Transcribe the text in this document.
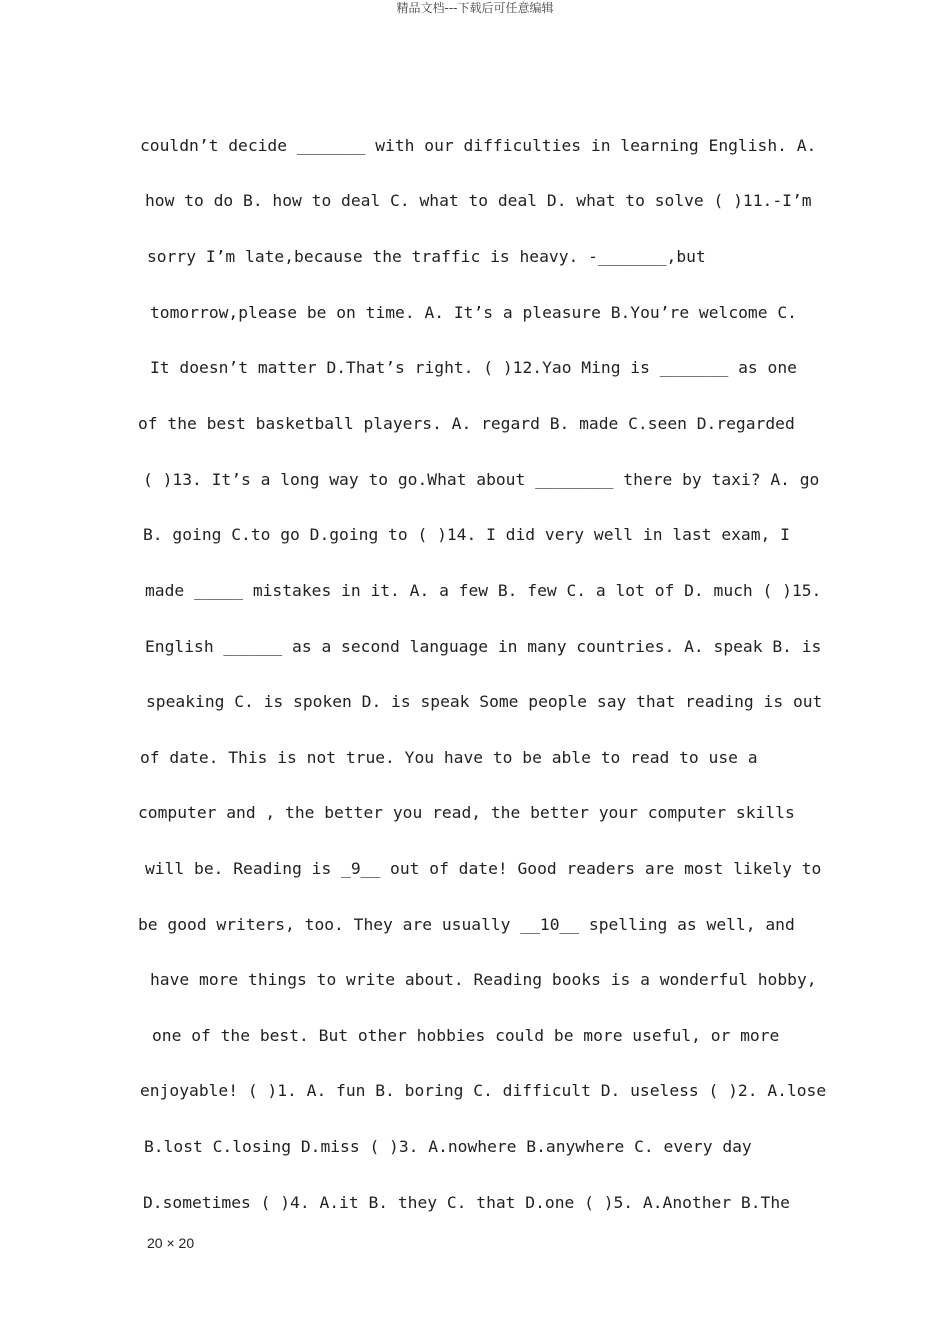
精品文档---下载后可任意编辑
couldn’t decide _______ with our difficulties in learning English. A.
how to do B. how to deal C. what to deal D. what to solve ( )11.-I’m
sorry I’m late,because the traffic is heavy. -_______,but
tomorrow,please be on time. A. It’s a pleasure B.You’re welcome C.
It doesn’t matter D.That’s right. ( )12.Yao Ming is _______ as one
of the best basketball players. A. regard B. made C.seen D.regarded
( )13. It’s a long way to go.What about ________ there by taxi? A. go
B. going C.to go D.going to ( )14. I did very well in last exam, I
made _____ mistakes in it. A. a few B. few C. a lot of D. much ( )15.
English ______ as a second language in many countries. A. speak B. is
speaking C. is spoken D. is speak Some people say that reading is out
of date. This is not true. You have to be able to read to use a
computer and , the better you read, the better your computer skills
will be. Reading is _9__ out of date! Good readers are most likely to
be good writers, too. They are usually __10__ spelling as well, and
have more things to write about. Reading books is a wonderful hobby,
one of the best. But other hobbies could be more useful, or more
enjoyable! ( )1. A. fun B. boring C. difficult D. useless ( )2. A.lose
B.lost C.losing D.miss ( )3. A.nowhere B.anywhere C. every day
D.sometimes ( )4. A.it B. they C. that D.one ( )5. A.Another B.The
20 × 20
